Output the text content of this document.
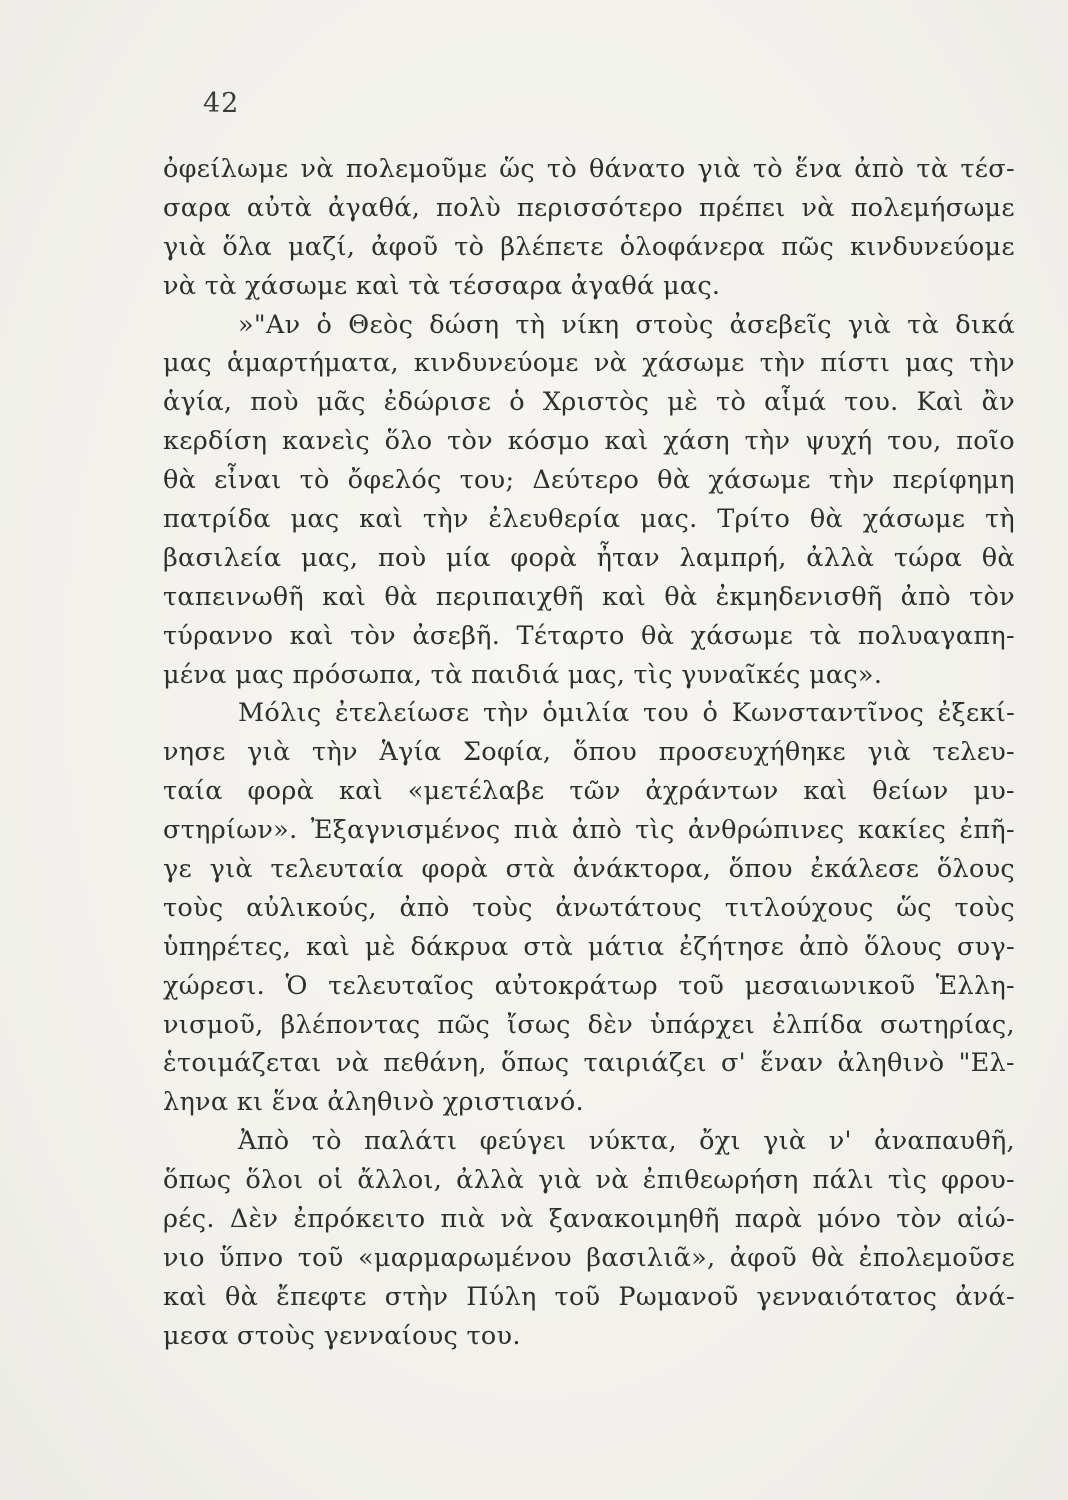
42
ὀφείλωμε νὰ πολεμοῦμε ὥς τὸ θάνατο γιὰ τὸ ἕνα ἀπὸ τὰ τέσ-
σαρα αὐτὰ ἀγαθά, πολὺ περισσότερο πρέπει νὰ πολεμήσωμε
γιὰ ὅλα μαζί, ἀφοῦ τὸ βλέπετε ὁλοφάνερα πῶς κινδυνεύομε
νὰ τὰ χάσωμε καὶ τὰ τέσσαρα ἀγαθά μας.
»"Αν ὁ Θεὸς δώση τὴ νίκη στοὺς ἀσεβεῖς γιὰ τὰ δικά
μας ἁμαρτήματα, κινδυνεύομε νὰ χάσωμε τὴν πίστι μας τὴν
ἁγία, ποὺ μᾶς ἐδώρισε ὁ Χριστὸς μὲ τὸ αἷμά του. Καὶ ἂν
κερδίση κανεὶς ὅλο τὸν κόσμο καὶ χάση τὴν ψυχή του, ποῖο
θὰ εἶναι τὸ ὄφελός του; Δεύτερο θὰ χάσωμε τὴν περίφημη
πατρίδα μας καὶ τὴν ἐλευθερία μας. Τρίτο θὰ χάσωμε τὴ
βασιλεία μας, ποὺ μία φορὰ ἦταν λαμπρή, ἀλλὰ τώρα θὰ
ταπεινωθῆ καὶ θὰ περιπαιχθῆ καὶ θὰ ἐκμηδενισθῆ ἀπὸ τὸν
τύραννο καὶ τὸν ἀσεβῆ. Τέταρτο θὰ χάσωμε τὰ πολυαγαπη-
μένα μας πρόσωπα, τὰ παιδιά μας, τὶς γυναῖκές μας».
Μόλις ἐτελείωσε τὴν ὁμιλία του ὁ Κωνσταντῖνος ἐξεκί-
νησε γιὰ τὴν Ἁγία Σοφία, ὅπου προσευχήθηκε γιὰ τελευ-
ταία φορὰ καὶ «μετέλαβε τῶν ἀχράντων καὶ θείων μυ-
στηρίων». Ἐξαγνισμένος πιὰ ἀπὸ τὶς ἀνθρώπινες κακίες ἐπῆ-
γε γιὰ τελευταία φορὰ στὰ ἀνάκτορα, ὅπου ἐκάλεσε ὅλους
τοὺς αὐλικούς, ἀπὸ τοὺς ἀνωτάτους τιτλούχους ὥς τοὺς
ὑπηρέτες, καὶ μὲ δάκρυα στὰ μάτια ἐζήτησε ἀπὸ ὅλους συγ-
χώρεσι. Ὁ τελευταῖος αὐτοκράτωρ τοῦ μεσαιωνικοῦ Ἑλλη-
νισμοῦ, βλέποντας πῶς ἴσως δὲν ὑπάρχει ἐλπίδα σωτηρίας,
ἑτοιμάζεται νὰ πεθάνη, ὅπως ταιριάζει σ' ἕναν ἀληθινὸ "Ελ-
ληνα κι ἕνα ἀληθινὸ χριστιανό.
Ἀπὸ τὸ παλάτι φεύγει νύκτα, ὄχι γιὰ ν' ἀναπαυθῆ,
ὅπως ὅλοι οἱ ἄλλοι, ἀλλὰ γιὰ νὰ ἐπιθεωρήση πάλι τὶς φρου-
ρές. Δὲν ἐπρόκειτο πιὰ νὰ ξανακοιμηθῆ παρὰ μόνο τὸν αἰώ-
νιο ὕπνο τοῦ «μαρμαρωμένου βασιλιᾶ», ἀφοῦ θὰ ἐπολεμοῦσε
καὶ θὰ ἔπεφτε στὴν Πύλη τοῦ Ρωμανοῦ γενναιότατος ἀνά-
μεσα στοὺς γενναίους του.
